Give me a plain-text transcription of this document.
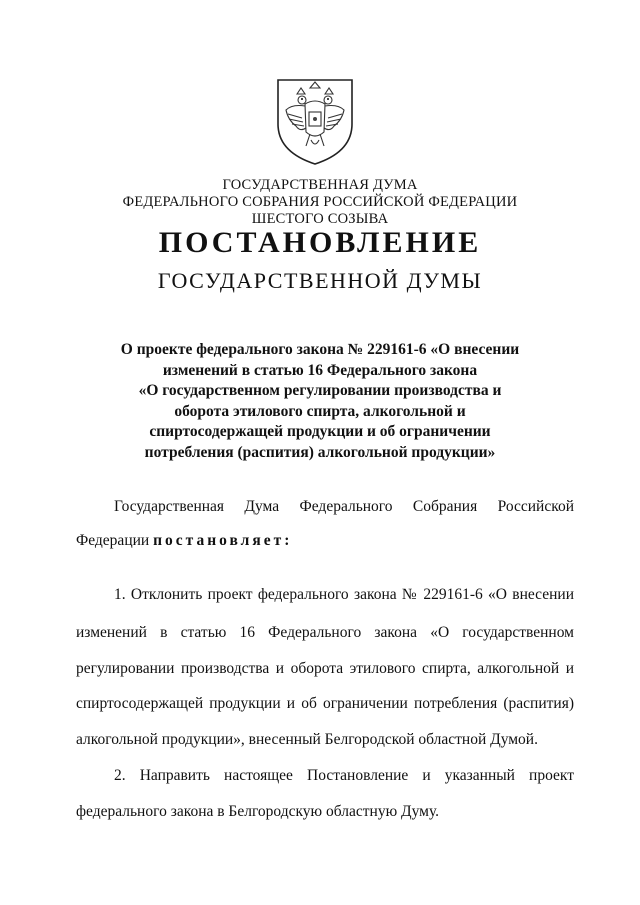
ГОСУДАРСТВЕННАЯ ДУМА
ФЕДЕРАЛЬНОГО СОБРАНИЯ РОССИЙСКОЙ ФЕДЕРАЦИИ
ШЕСТОГО СОЗЫВА
ПОСТАНОВЛЕНИЕ
ГОСУДАРСТВЕННОЙ ДУМЫ
О проекте федерального закона № 229161-6 «О внесении
изменений в статью 16 Федерального закона
«О государственном регулировании производства и
оборота этилового спирта, алкогольной и
спиртосодержащей продукции и об ограничении
потребления (распития) алкогольной продукции»
Государственная Дума Федерального Собрания Российской
Федерации постановляет:
1. Отклонить проект федерального закона № 229161-6 «О внесении
изменений в статью 16 Федерального закона «О государственном
регулировании производства и оборота этилового спирта, алкогольной и
спиртосодержащей продукции и об ограничении потребления (распития)
алкогольной продукции», внесенный Белгородской областной Думой.
2. Направить настоящее Постановление и указанный проект
федерального закона в Белгородскую областную Думу.
